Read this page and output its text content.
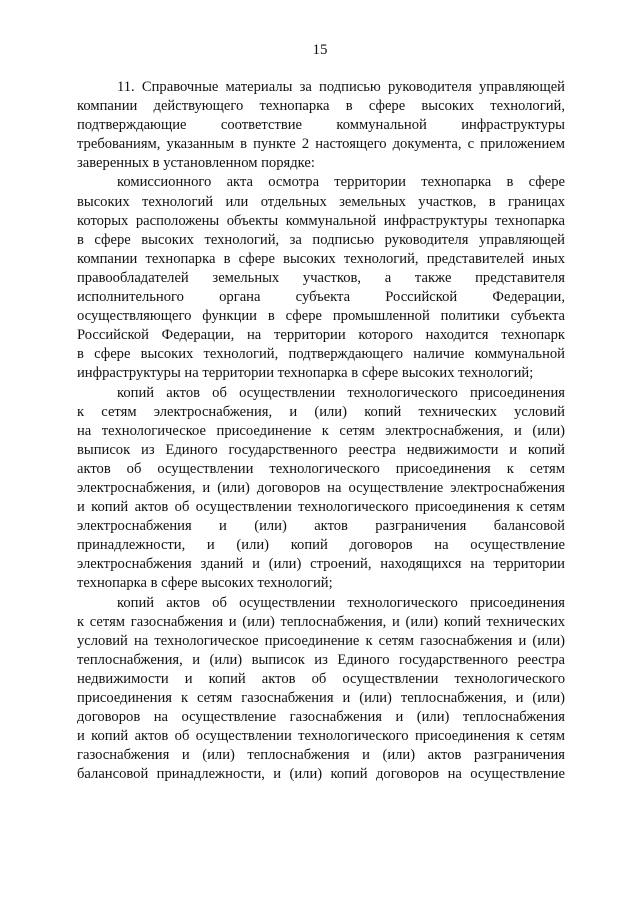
15

11. Справочные материалы за подписью руководителя управляющей
компании действующего технопарка в сфере высоких технологий,
подтверждающие соответствие коммунальной инфраструктуры
требованиям, указанным в пункте 2 настоящего документа, с приложением
заверенных в установленном порядке:

комиссионного акта осмотра территории технопарка в сфере
высоких технологий или отдельных земельных участков, в границах
которых расположены объекты коммунальной инфраструктуры технопарка
в сфере высоких технологий, за подписью руководителя управляющей
компании технопарка в сфере высоких технологий, представителей иных
правообладателей земельных участков, а также представителя
исполнительного органа субъекта Российской Федерации,
осуществляющего функции в сфере промышленной политики субъекта
Российской Федерации, на территории которого находится технопарк
в сфере высоких технологий, подтверждающего наличие коммунальной
инфраструктуры на территории технопарка в сфере высоких технологий;

копий актов об осуществлении технологического присоединения
к сетям электроснабжения, и (или) копий технических условий
на технологическое присоединение к сетям электроснабжения, и (или)
выписок из Единого государственного реестра недвижимости и копий
актов об осуществлении технологического присоединения к сетям
электроснабжения, и (или) договоров на осуществление электроснабжения
и копий актов об осуществлении технологического присоединения к сетям
электроснабжения и (или) актов разграничения балансовой
принадлежности, и (или) копий договоров на осуществление
электроснабжения зданий и (или) строений, находящихся на территории
технопарка в сфере высоких технологий;

копий актов об осуществлении технологического присоединения
к сетям газоснабжения и (или) теплоснабжения, и (или) копий технических
условий на технологическое присоединение к сетям газоснабжения и (или)
теплоснабжения, и (или) выписок из Единого государственного реестра
недвижимости и копий актов об осуществлении технологического
присоединения к сетям газоснабжения и (или) теплоснабжения, и (или)
договоров на осуществление газоснабжения и (или) теплоснабжения
и копий актов об осуществлении технологического присоединения к сетям
газоснабжения и (или) теплоснабжения и (или) актов разграничения
балансовой принадлежности, и (или) копий договоров на осуществление
